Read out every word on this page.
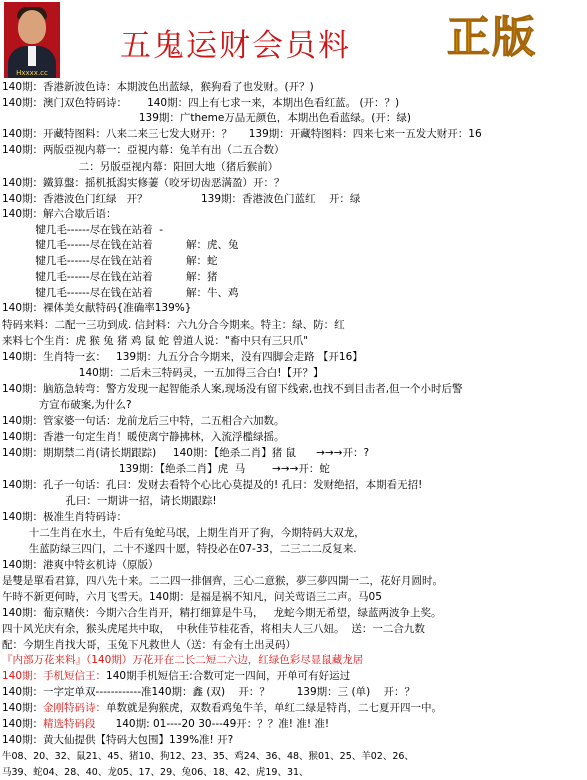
Hxxxx.cc
五鬼运财会员料 正版
140期：香港新波色诗：本期波色出蓝绿，猴狗看了也发财。(开？)
140期：澳门双色特码诗：      140期：四上有七求一来，本期出色看红蓝。 (开：？)
139期：广theme万品无颜色，本期出色看蓝绿。(开：绿)
140期：开藏特图料：八来二来三七发大财开：？     139期：开藏特图料：四来七来一五发大财开：16
140期：两版亞视内幕一：亞視内幕：兔羊有出（二五合数）
二：另版亞视内幕：阳回大地（猪后猴前）
140期：鐵算盤：摇机抵潟实修萋（咬牙切齿恶满盈）开：？
140期：香港波色门红绿   开？                139期：香港波色门蓝红    开：绿
140期：解六合歇后语：
犍几毛------尽在钱在站着  -
犍几毛------尽在钱在站着          解：虎、兔
犍几毛------尽在钱在站着          解：蛇
犍几毛------尽在钱在站着          解：猪
犍几毛------尽在钱在站着          解：牛、鸡
140期：裸体美女献特码{准确率139%}
特码来料：二配一三功到成. 信封料：六九分合今期来。特主：绿、防：红
来料七个生肖：虎 猴 兔 猪 鸡 鼠 蛇 曾道人说："畜中只有三只爪"
140期：生肖特一玄：   139期：九五分合今期来，没有四脚会走路 【开16】
140期：二后未三特码灵，一五加得三合白!【开？】
140期：脑筋急转弯：警方发现一起智能杀人案,现场没有留下线索,也找不到目击者,但一个小时后警
方宣布破案,为什么?
140期：管家婆一句话：龙前龙后三中特，二五相合六加数。
140期：香港一句定生肖！暖使离宁静拂林，入流浮檻绿摇。
140期：期期禁二肖(请长期跟踪)     140期：【绝杀二肖】猪 鼠      →→→开：?
139期：【绝杀二肖】虎  马        →→→开：蛇
140期：孔子一句话：孔曰：发财去看特个心比心莫提及的! 孔曰：发财绝招，本期看无招!
孔曰：一期讲一招，请长期跟踪!
140期：极准生肖特码诗：
十二生肖在水土，牛后有兔蛇马氓，上期生肖开了狗，今期特码大双龙，
生蓝防绿三四门，二十不遂四十愿，特投必在07-33，二三二二反复来.
140期：港爽中特玄机诗（原版）
是雙是單看君算，四八先十来。二二四一排個齊，三心二意猴，夢三夢四開一二，花好月圆时。
午時不新更何時，六月飞雪天。140期：是福是祸不知凡，问关莺语三二声。马05
140期：葡京赌侠：今期六合生肖开，精打细算是牛马，   龙蛇今期无希望，绿蓝两波争上奖。
四十风光庆有余，猴头虎尾共中取，  中秋佳节桂花香，将相夫人三八妞。  送：一二合九数
配：今期生肖找大哥，玉兔下凡救世人（送：有金有土出灵码）
『内部万花来料』（140期）万花开在二长二短二六边，红绿色彩尽显鼠藏龙居
140期：手机短信王：140期手机短信王:合数可定一四间，开单可有好运过
140期：一字定单双------------准140期：鑫 (双)    开：？        139期：三 (单)    开：？
140期：金刚特码诗：单数就是狗猴虎，双数看鸡兔牛羊，单红二绿是特肖，二七夏开四一中。
140期：精选特码段      140期: 01----20 30---49开：？？准! 准! 准!
140期：黄大仙提供【特码大包围】139%准! 开?
牛08、20、32、鼠21、45、猪10、狗12、23、35、鸡24、36、48、猴01、25、羊02、26、
马39、蛇04、28、40、龙05、17、29、兔06、18、42、虎19、31、
